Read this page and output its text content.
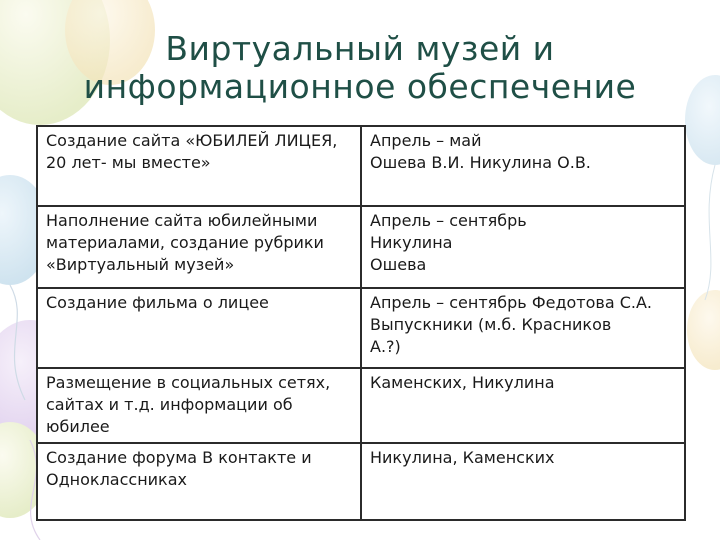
Виртуальный музей и
информационное обеспечение
Создание сайта «ЮБИЛЕЙ ЛИЦЕЯ, 20 лет- мы вместе»	Апрель – май
Ошева В.И. Никулина О.В.

Наполнение сайта юбилейными материалами, создание рубрики «Виртуальный музей»	Апрель – сентябрь
Никулина
Ошева

Создание фильма о лицее	Апрель – сентябрь Федотова С.А.
Выпускники (м.б. Красников
А.?)

Размещение в социальных сетях, сайтах и т.д. информации об юбилее	Каменских, Никулина

Создание форума В контакте и Одноклассниках	Никулина, Каменских
